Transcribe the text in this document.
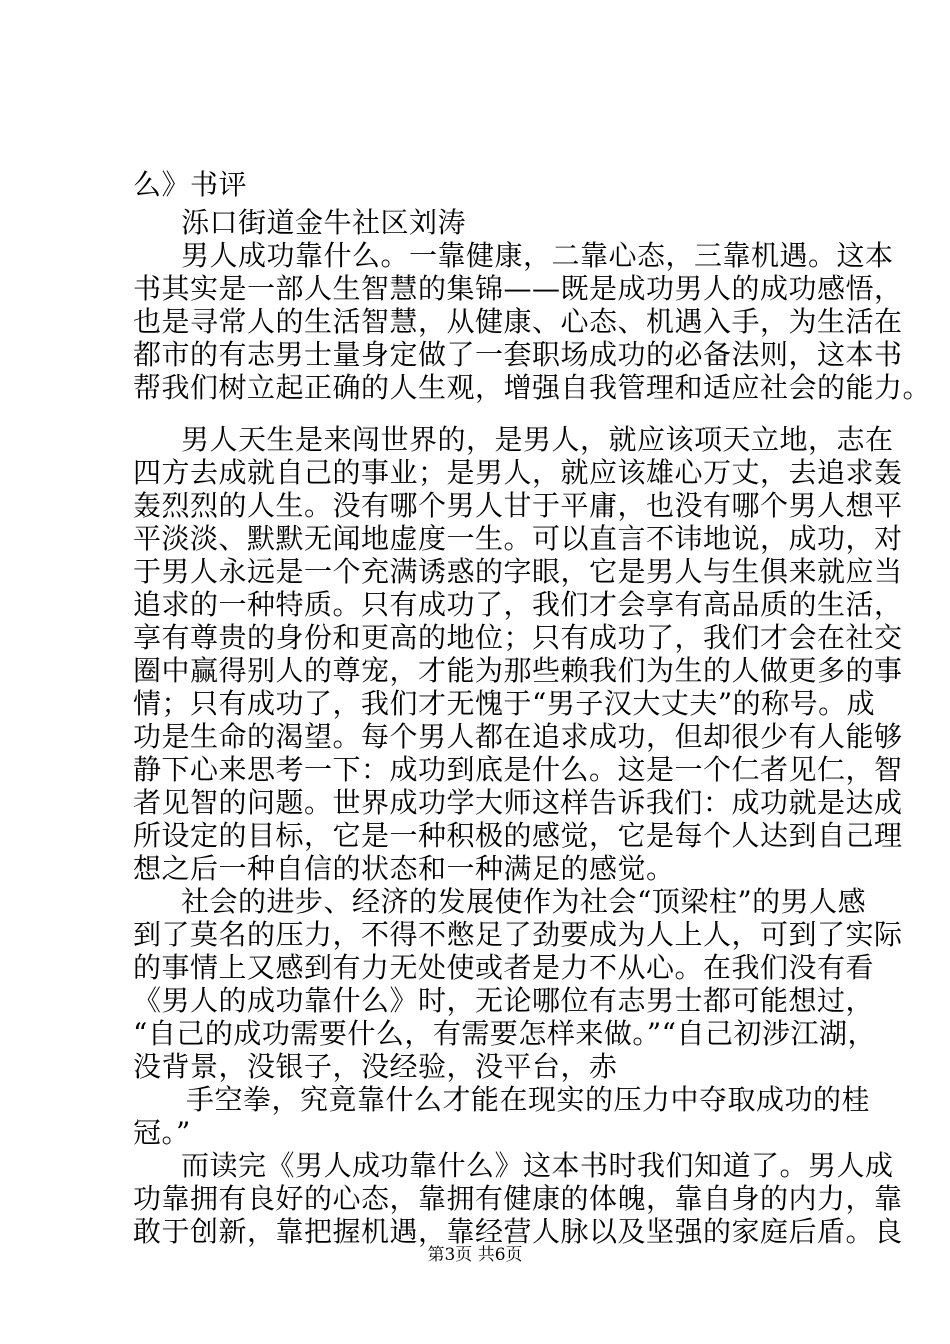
么》书评
泺口街道金牛社区刘涛
男人成功靠什么。一靠健康，二靠心态，三靠机遇。这本
书其实是一部人生智慧的集锦——既是成功男人的成功感悟，
也是寻常人的生活智慧，从健康、心态、机遇入手，为生活在
都市的有志男士量身定做了一套职场成功的必备法则，这本书
帮我们树立起正确的人生观，增强自我管理和适应社会的能力。
男人天生是来闯世界的，是男人，就应该项天立地，志在
四方去成就自己的事业；是男人，就应该雄心万丈，去追求轰
轰烈烈的人生。没有哪个男人甘于平庸，也没有哪个男人想平
平淡淡、默默无闻地虚度一生。可以直言不讳地说，成功，对
于男人永远是一个充满诱惑的字眼，它是男人与生俱来就应当
追求的一种特质。只有成功了，我们才会享有高品质的生活，
享有尊贵的身份和更高的地位；只有成功了，我们才会在社交
圈中赢得别人的尊宠，才能为那些赖我们为生的人做更多的事
情；只有成功了，我们才无愧于“男子汉大丈夫”的称号。成
功是生命的渴望。每个男人都在追求成功，但却很少有人能够
静下心来思考一下：成功到底是什么。这是一个仁者见仁，智
者见智的问题。世界成功学大师这样告诉我们：成功就是达成
所设定的目标，它是一种积极的感觉，它是每个人达到自己理
想之后一种自信的状态和一种满足的感觉。
社会的进步、经济的发展使作为社会“顶梁柱”的男人感
到了莫名的压力，不得不憋足了劲要成为人上人，可到了实际
的事情上又感到有力无处使或者是力不从心。在我们没有看
《男人的成功靠什么》时，无论哪位有志男士都可能想过，
“自己的成功需要什么，有需要怎样来做。”“自己初涉江湖，
没背景，没银子，没经验，没平台，赤
手空拳，究竟靠什么才能在现实的压力中夺取成功的桂
冠。”
而读完《男人成功靠什么》这本书时我们知道了。男人成
功靠拥有良好的心态，靠拥有健康的体魄，靠自身的内力，靠
敢于创新，靠把握机遇，靠经营人脉以及坚强的家庭后盾。良
第3页 共6页
